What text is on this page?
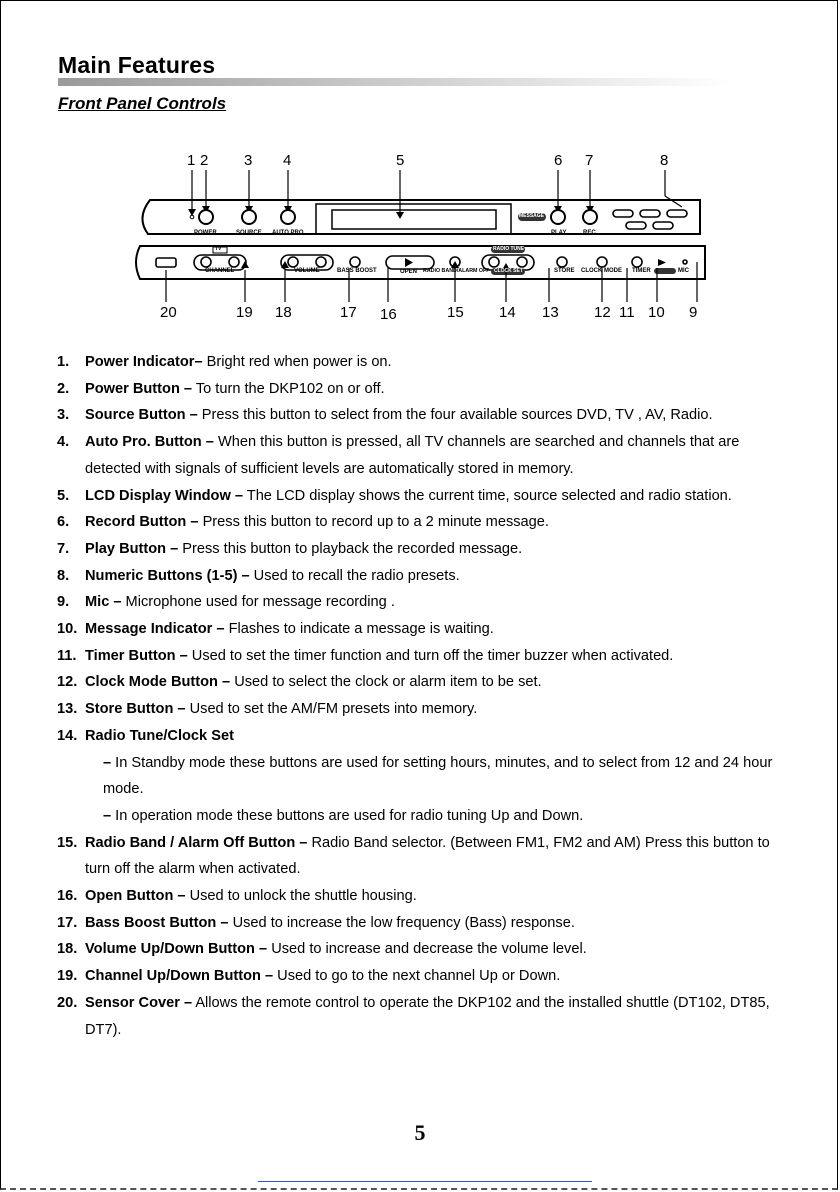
Main Features
Front Panel Controls
1 2 3 4	5	6 7	8
20	19 18	17 16	15 14 13 12 11 10 9
POWER	SOURCE AUTO PRO.
MESSAGE
PLAY	REC
TV
CHANNEL	VOLUME	BASS BOOST	OPEN RADIO BAND/ALARM OFF
RADIO TUNE
CLOCK SET	STORE CLOCK MODE TIMER	MIC
1. Power Indicator– Bright red when power is on.
2. Power Button – To turn the DKP102 on or off.
3. Source Button – Press this button to select from the four available sources DVD, TV , AV, Radio.
4. Auto Pro. Button – When this button is pressed, all TV channels are searched and channels that are detected with signals of sufficient levels are automatically stored in memory.
5. LCD Display Window – The LCD display shows the current time, source selected and radio station.
6. Record Button – Press this button to record up to a 2 minute message.
7. Play Button – Press this button to playback the recorded message.
8. Numeric Buttons (1-5) – Used to recall the radio presets.
9. Mic – Microphone used for message recording .
10. Message Indicator – Flashes to indicate a message is waiting.
11. Timer Button – Used to set the timer function and turn off the timer buzzer when activated.
12. Clock Mode Button – Used to select the clock or alarm item to be set.
13. Store Button – Used to set the AM/FM presets into memory.
14. Radio Tune/Clock Set
– In Standby mode these buttons are used for setting hours, minutes, and to select from 12 and 24 hour mode.
– In operation mode these buttons are used for radio tuning Up and Down.
15. Radio Band / Alarm Off Button – Radio Band selector. (Between FM1, FM2 and AM) Press this button to turn off the alarm when activated.
16. Open Button – Used to unlock the shuttle housing.
17. Bass Boost Button – Used to increase the low frequency (Bass) response.
18. Volume Up/Down Button – Used to increase and decrease the volume level.
19. Channel Up/Down Button – Used to go to the next channel Up or Down.
20. Sensor Cover – Allows the remote control to operate the DKP102 and the installed shuttle (DT102, DT85, DT7).
5
